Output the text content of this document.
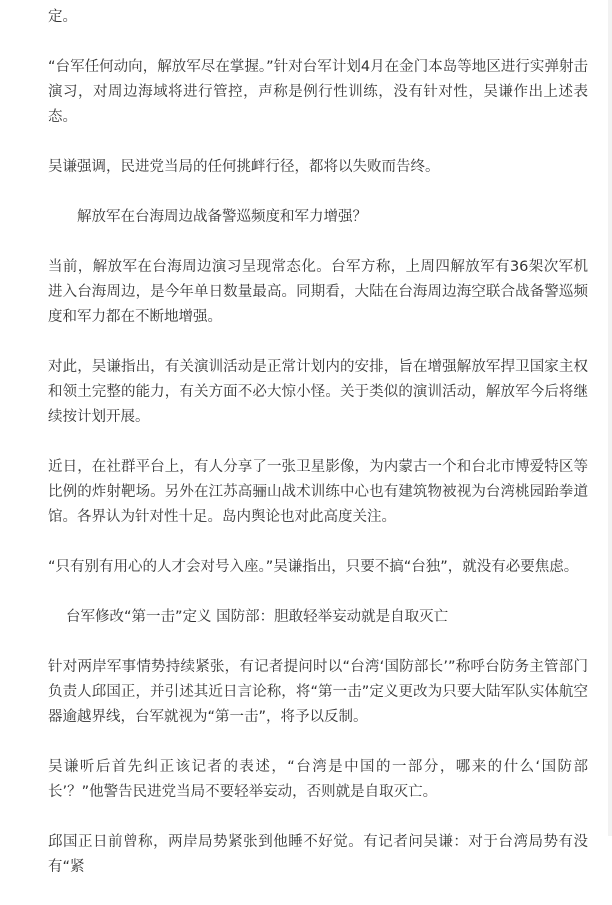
定。

“台军任何动向，解放军尽在掌握。”针对台军计划4月在金门本岛等地区进行实弹射击演习，对周边海域将进行管控，声称是例行性训练，没有针对性，吴谦作出上述表态。

吴谦强调，民进党当局的任何挑衅行径，都将以失败而告终。

解放军在台海周边战备警巡频度和军力增强？

当前，解放军在台海周边演习呈现常态化。台军方称，上周四解放军有36架次军机进入台海周边，是今年单日数量最高。同期看，大陆在台海周边海空联合战备警巡频度和军力都在不断地增强。

对此，吴谦指出，有关演训活动是正常计划内的安排，旨在增强解放军捍卫国家主权和领土完整的能力，有关方面不必大惊小怪。关于类似的演训活动，解放军今后将继续按计划开展。

近日，在社群平台上，有人分享了一张卫星影像，为内蒙古一个和台北市博爱特区等比例的炸射靶场。另外在江苏高骊山战术训练中心也有建筑物被视为台湾桃园跆拳道馆。各界认为针对性十足。岛内舆论也对此高度关注。

“只有别有用心的人才会对号入座。”吴谦指出，只要不搞“台独”，就没有必要焦虑。

台军修改“第一击”定义 国防部：胆敢轻举妄动就是自取灭亡

针对两岸军事情势持续紧张，有记者提问时以“台湾‘国防部长’”称呼台防务主管部门负责人邱国正，并引述其近日言论称，将“第一击”定义更改为只要大陆军队实体航空器逾越界线，台军就视为“第一击”，将予以反制。

吴谦听后首先纠正该记者的表述，“台湾是中国的一部分，哪来的什么‘国防部长’？”他警告民进党当局不要轻举妄动，否则就是自取灭亡。

邱国正日前曾称，两岸局势紧张到他睡不好觉。有记者问吴谦：对于台湾局势有没有“紧
